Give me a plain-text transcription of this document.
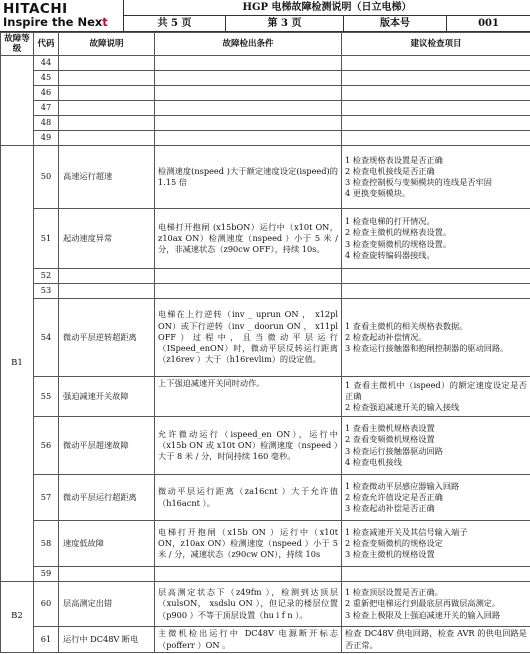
HITACHI
Inspire the Next
HGP 电梯故障检测说明（日立电梯）
共 5 页	第 3 页	版本号	001
故障等级	代码	故障说明	故障检出条件	建议检查项目
	44			
	45			
	46			
	47			
	48			
	49			
B1	50	高速运行超速	检测速度(nspeed )大于额定速度设定(ispeed)的 1.15 倍	1 检查规格表设置是否正确
2 检查电机接线是否正确
3 检查控制板与变频模块的连线是否牢固
4 更换变频模块。

	51	起动速度异常	电梯打开抱闸 (x15bON）运行中（x10t ON，z10ax ON）检测速度（nspeed ）小于 5 米 / 分，非减速状态（z90cw OFF），持续 10s。	1 检查电梯的打开情况。
2 检查主微机的规格表设置。
3 检查变频微机的规格设置。
4 检查旋转编码器接线。

	52			
	53			
	54	微动平层逆转超距离	电梯在上行逆转（inv _ uprun ON ， x12pl ON）或下行逆转（inv _ doorun ON ， x11pl OFF）过程中，且当微动平层运行（ISpeed_enON）时，微动平层反转运行距离（z16rev ）大于（h16revlim）的设定值。	1 查看主微机的相关规格表数据。
2 检查起动补偿情况。
3 检查运行接触器和抱闸控制器的驱动回路。

	55	强迫减速开关故障	上下强迫减速开关同时动作。	1 查看主微机中（ispeed）的额定速度设定是否正确
2 检查强迫减速开关的输入接线

	56	微动平层超速故障	允许微动运行（ispeed_en ON），运行中（x15b ON 或 x10t ON）检测速度（nspeed ）大于 8 米 / 分，时间持续 160 毫秒。	1 查看主微机规格表设置
2 查看变频微机规格设置
3 检查运行接触器驱动回路
4 检查电机接线

	57	微动平层运行超距离	微动平层运行距离（za16cnt ）大于允许值（h16acnt ）。	1 检查微动平层感应器输入回路
2 检查允许值设定是否正确
3 检查起动补偿是否正确

	58	速度低故障	电梯打开抱闸（x15b ON ）运行中（x10t ON，z10ax ON）检测速度（nspeed ）小于 5 米 / 分，减速状态（z90cw ON），持续 10s	1 检查减速开关及其信号输入端子
2 检查变频微机的规格设定
3 检查主微机的规格设置

	59			
B2	60	层高测定出错	层高测定状态下（z49fm ），检测到达顶层（xulsON， xsdslu ON ），但记录的楼层位置（p900 ）不等于顶层设置（hu i f n ）。	1 检查顶层设置是否正确。
2 重新把电梯运行到最底层再做层高测定。
3 检查上极限及上强迫减速开关的输入回路

	61	运行中 DC48V 断电	主微机检出运行中 DC48V 电源断开标志（pofferr ）ON 。	检查 DC48V 供电回路，检查 AVR 的供电回路是否正常。
